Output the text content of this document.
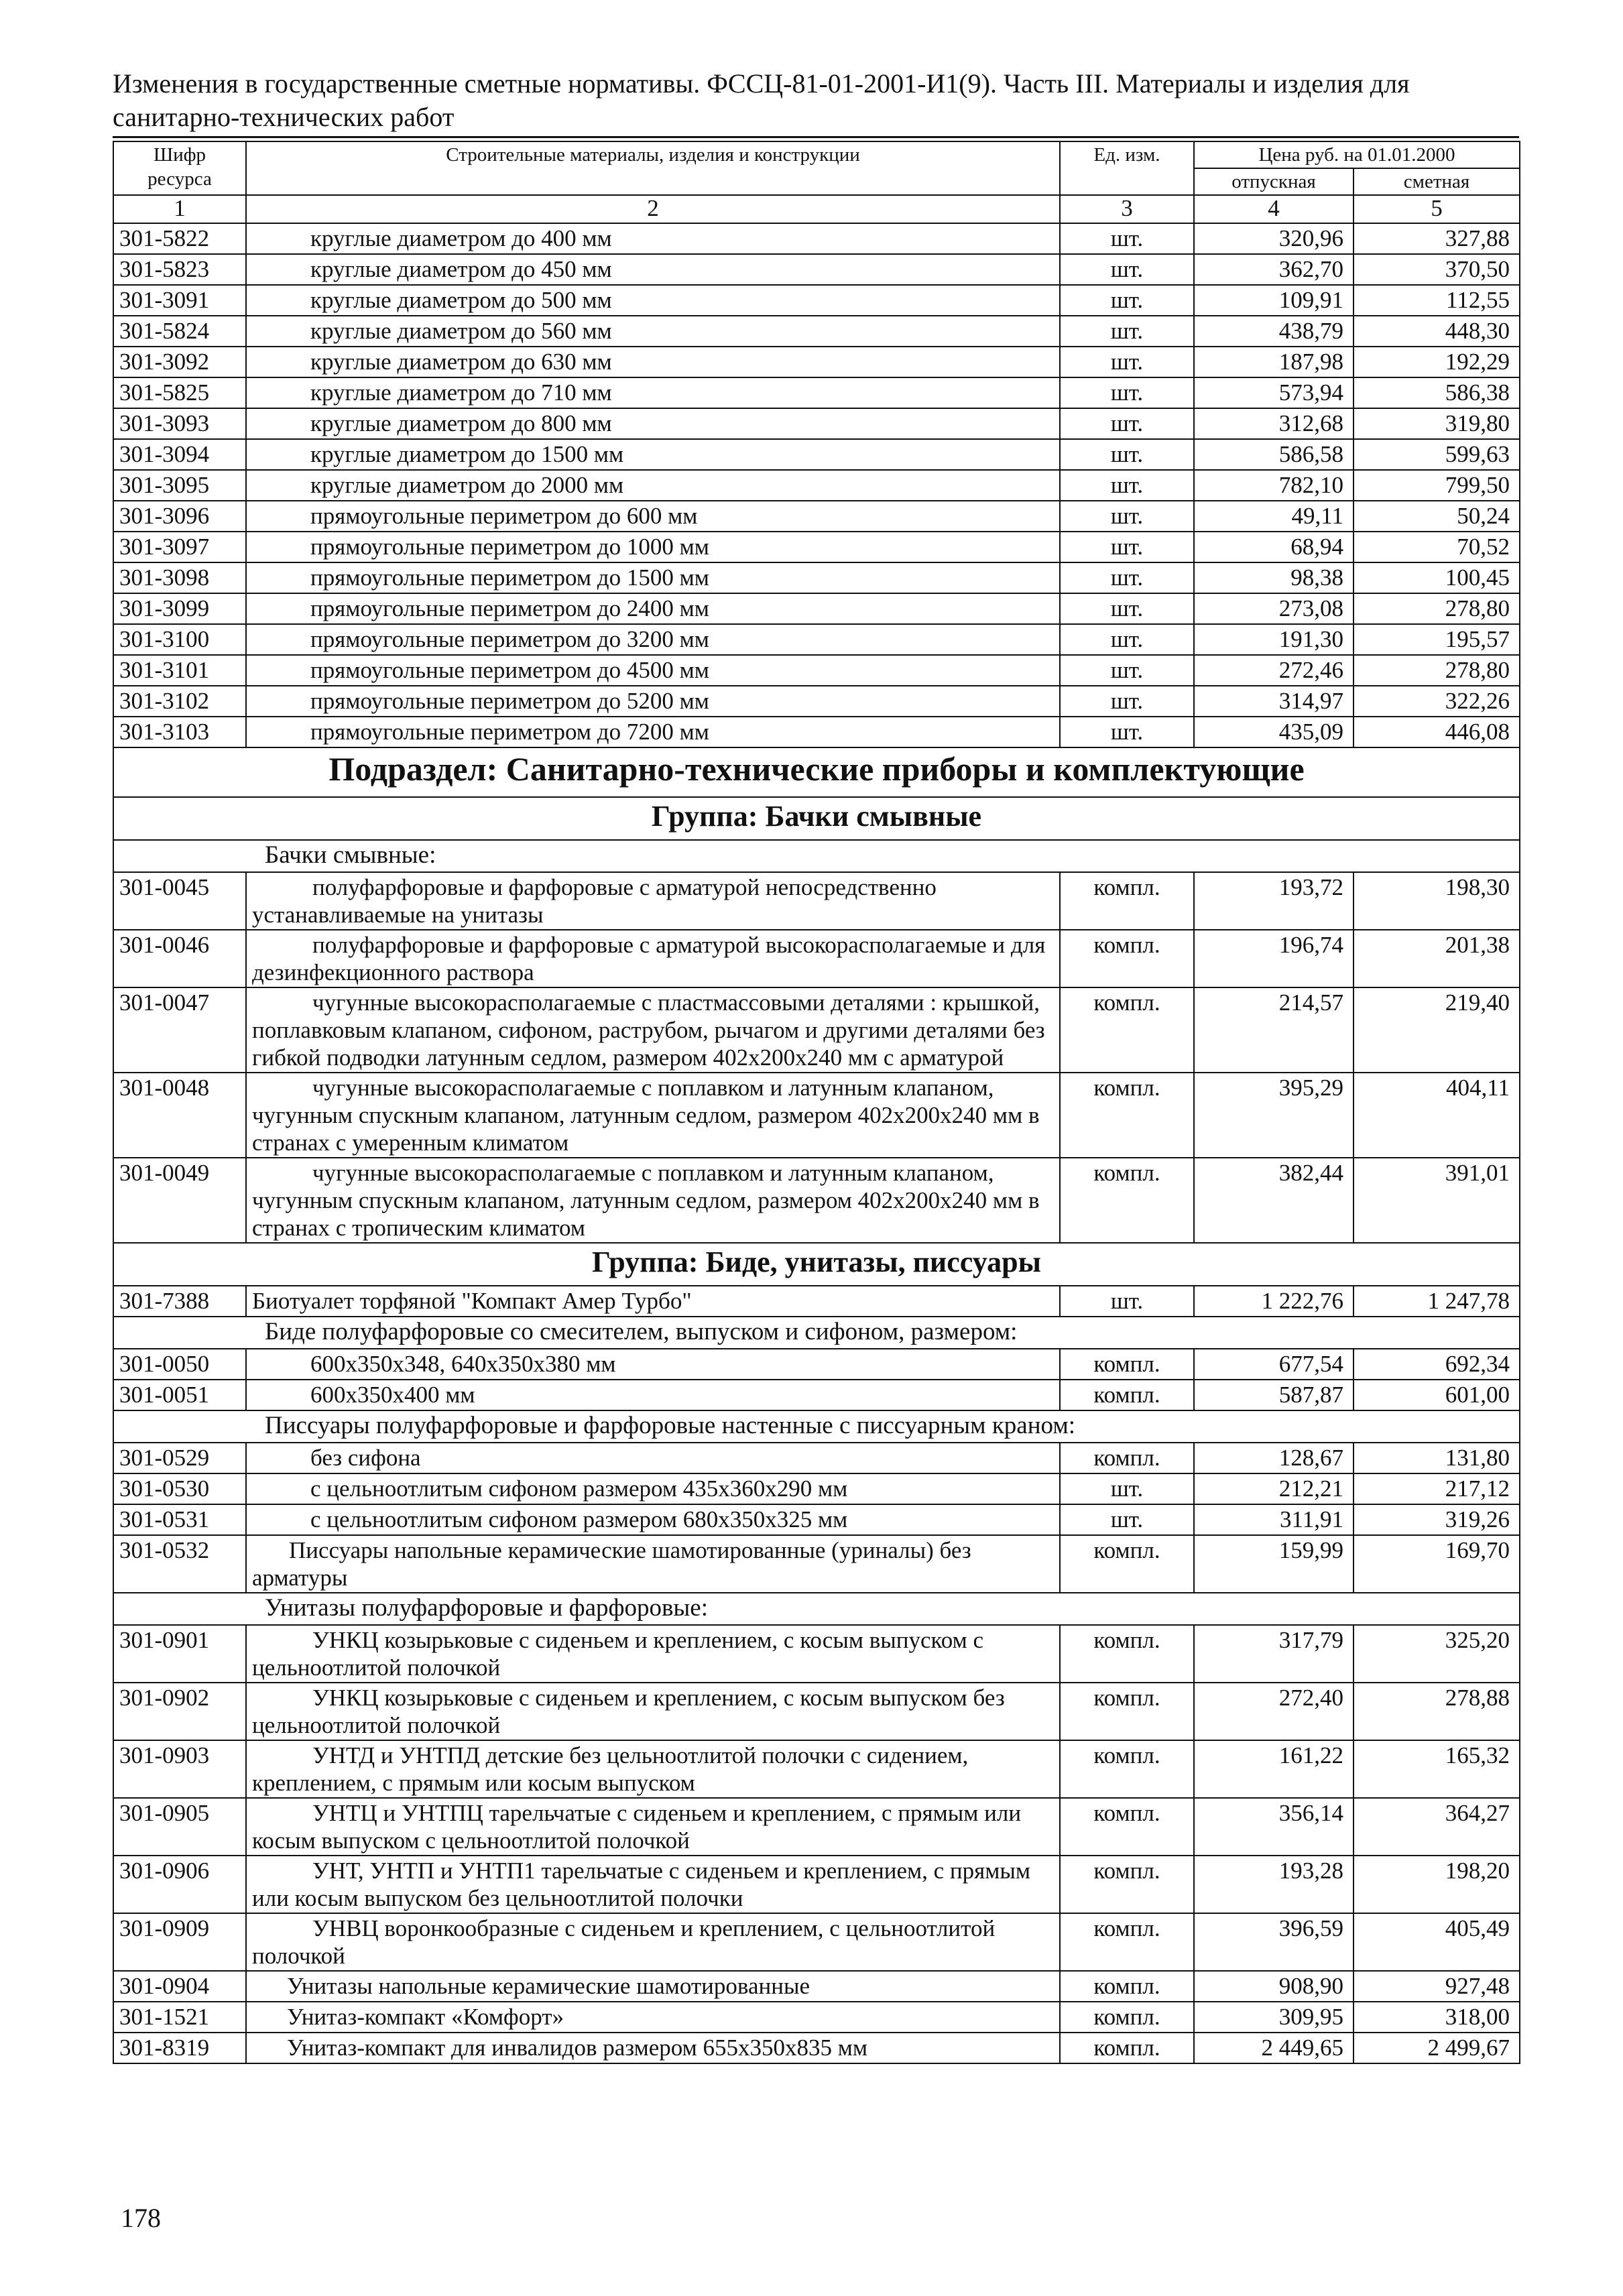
Изменения в государственные сметные нормативы. ФССЦ-81-01-2001-И1(9). Часть III. Материалы и изделия для
санитарно-технических работ
Шифр ресурса	Строительные материалы, изделия и конструкции	Ед. изм.	Цена руб. на 01.01.2000	
			отпускная	сметная
1	2	3	4	5
301-5822	круглые диаметром до 400 мм	шт.	320,96	327,88
301-5823	круглые диаметром до 450 мм	шт.	362,70	370,50
301-3091	круглые диаметром до 500 мм	шт.	109,91	112,55
301-5824	круглые диаметром до 560 мм	шт.	438,79	448,30
301-3092	круглые диаметром до 630 мм	шт.	187,98	192,29
301-5825	круглые диаметром до 710 мм	шт.	573,94	586,38
301-3093	круглые диаметром до 800 мм	шт.	312,68	319,80
301-3094	круглые диаметром до 1500 мм	шт.	586,58	599,63
301-3095	круглые диаметром до 2000 мм	шт.	782,10	799,50
301-3096	прямоугольные периметром до 600 мм	шт.	49,11	50,24
301-3097	прямоугольные периметром до 1000 мм	шт.	68,94	70,52
301-3098	прямоугольные периметром до 1500 мм	шт.	98,38	100,45
301-3099	прямоугольные периметром до 2400 мм	шт.	273,08	278,80
301-3100	прямоугольные периметром до 3200 мм	шт.	191,30	195,57
301-3101	прямоугольные периметром до 4500 мм	шт.	272,46	278,80
301-3102	прямоугольные периметром до 5200 мм	шт.	314,97	322,26
301-3103	прямоугольные периметром до 7200 мм	шт.	435,09	446,08
Подраздел: Санитарно-технические приборы и комплектующие				
Группа: Бачки смывные				
Бачки смывные:				
301-0045	полуфарфоровые и фарфоровые с арматурой непосредственно устанавливаемые на унитазы	компл.	193,72	198,30
301-0046	полуфарфоровые и фарфоровые с арматурой высокорасполагаемые и для дезинфекционного раствора	компл.	196,74	201,38
301-0047	чугунные высокорасполагаемые с пластмассовыми деталями : крышкой, поплавковым клапаном, сифоном, раструбом, рычагом и другими деталями без гибкой подводки латунным седлом, размером 402х200х240 мм с арматурой	компл.	214,57	219,40
301-0048	чугунные высокорасполагаемые с поплавком и латунным клапаном, чугунным спускным клапаном, латунным седлом, размером 402х200х240 мм в странах с умеренным климатом	компл.	395,29	404,11
301-0049	чугунные высокорасполагаемые с поплавком и латунным клапаном, чугунным спускным клапаном, латунным седлом, размером 402х200х240 мм в странах с тропическим климатом	компл.	382,44	391,01
Группа: Биде, унитазы, писсуары				
301-7388	Биотуалет торфяной "Компакт Амер Турбо"	шт.	1 222,76	1 247,78
Биде полуфарфоровые со смесителем, выпуском и сифоном, размером:				
301-0050	600х350х348, 640х350х380 мм	компл.	677,54	692,34
301-0051	600х350х400 мм	компл.	587,87	601,00
Писсуары полуфарфоровые и фарфоровые настенные с писсуарным краном:				
301-0529	без сифона	компл.	128,67	131,80
301-0530	с цельноотлитым сифоном размером 435х360х290 мм	шт.	212,21	217,12
301-0531	с цельноотлитым сифоном размером 680х350х325 мм	шт.	311,91	319,26
301-0532	Писсуары напольные керамические шамотированные (уриналы) без арматуры	компл.	159,99	169,70
Унитазы полуфарфоровые и фарфоровые:				
301-0901	УНКЦ козырьковые с сиденьем и креплением, с косым выпуском с цельноотлитой полочкой	компл.	317,79	325,20
301-0902	УНКЦ козырьковые с сиденьем и креплением, с косым выпуском без цельноотлитой полочкой	компл.	272,40	278,88
301-0903	УНТД и УНТПД детские без цельноотлитой полочки с сидением, креплением, с прямым или косым выпуском	компл.	161,22	165,32
301-0905	УНТЦ и УНТПЦ тарельчатые с сиденьем и креплением, с прямым или косым выпуском с цельноотлитой полочкой	компл.	356,14	364,27
301-0906	УНТ, УНТП и УНТП1 тарельчатые с сиденьем и креплением, с прямым или косым выпуском без цельноотлитой полочки	компл.	193,28	198,20
301-0909	УНВЦ воронкообразные с сиденьем и креплением, с цельноотлитой полочкой	компл.	396,59	405,49
301-0904	Унитазы напольные керамические шамотированные	компл.	908,90	927,48
301-1521	Унитаз-компакт «Комфорт»	компл.	309,95	318,00
301-8319	Унитаз-компакт для инвалидов размером 655х350х835 мм	компл.	2 449,65	2 499,67
178
